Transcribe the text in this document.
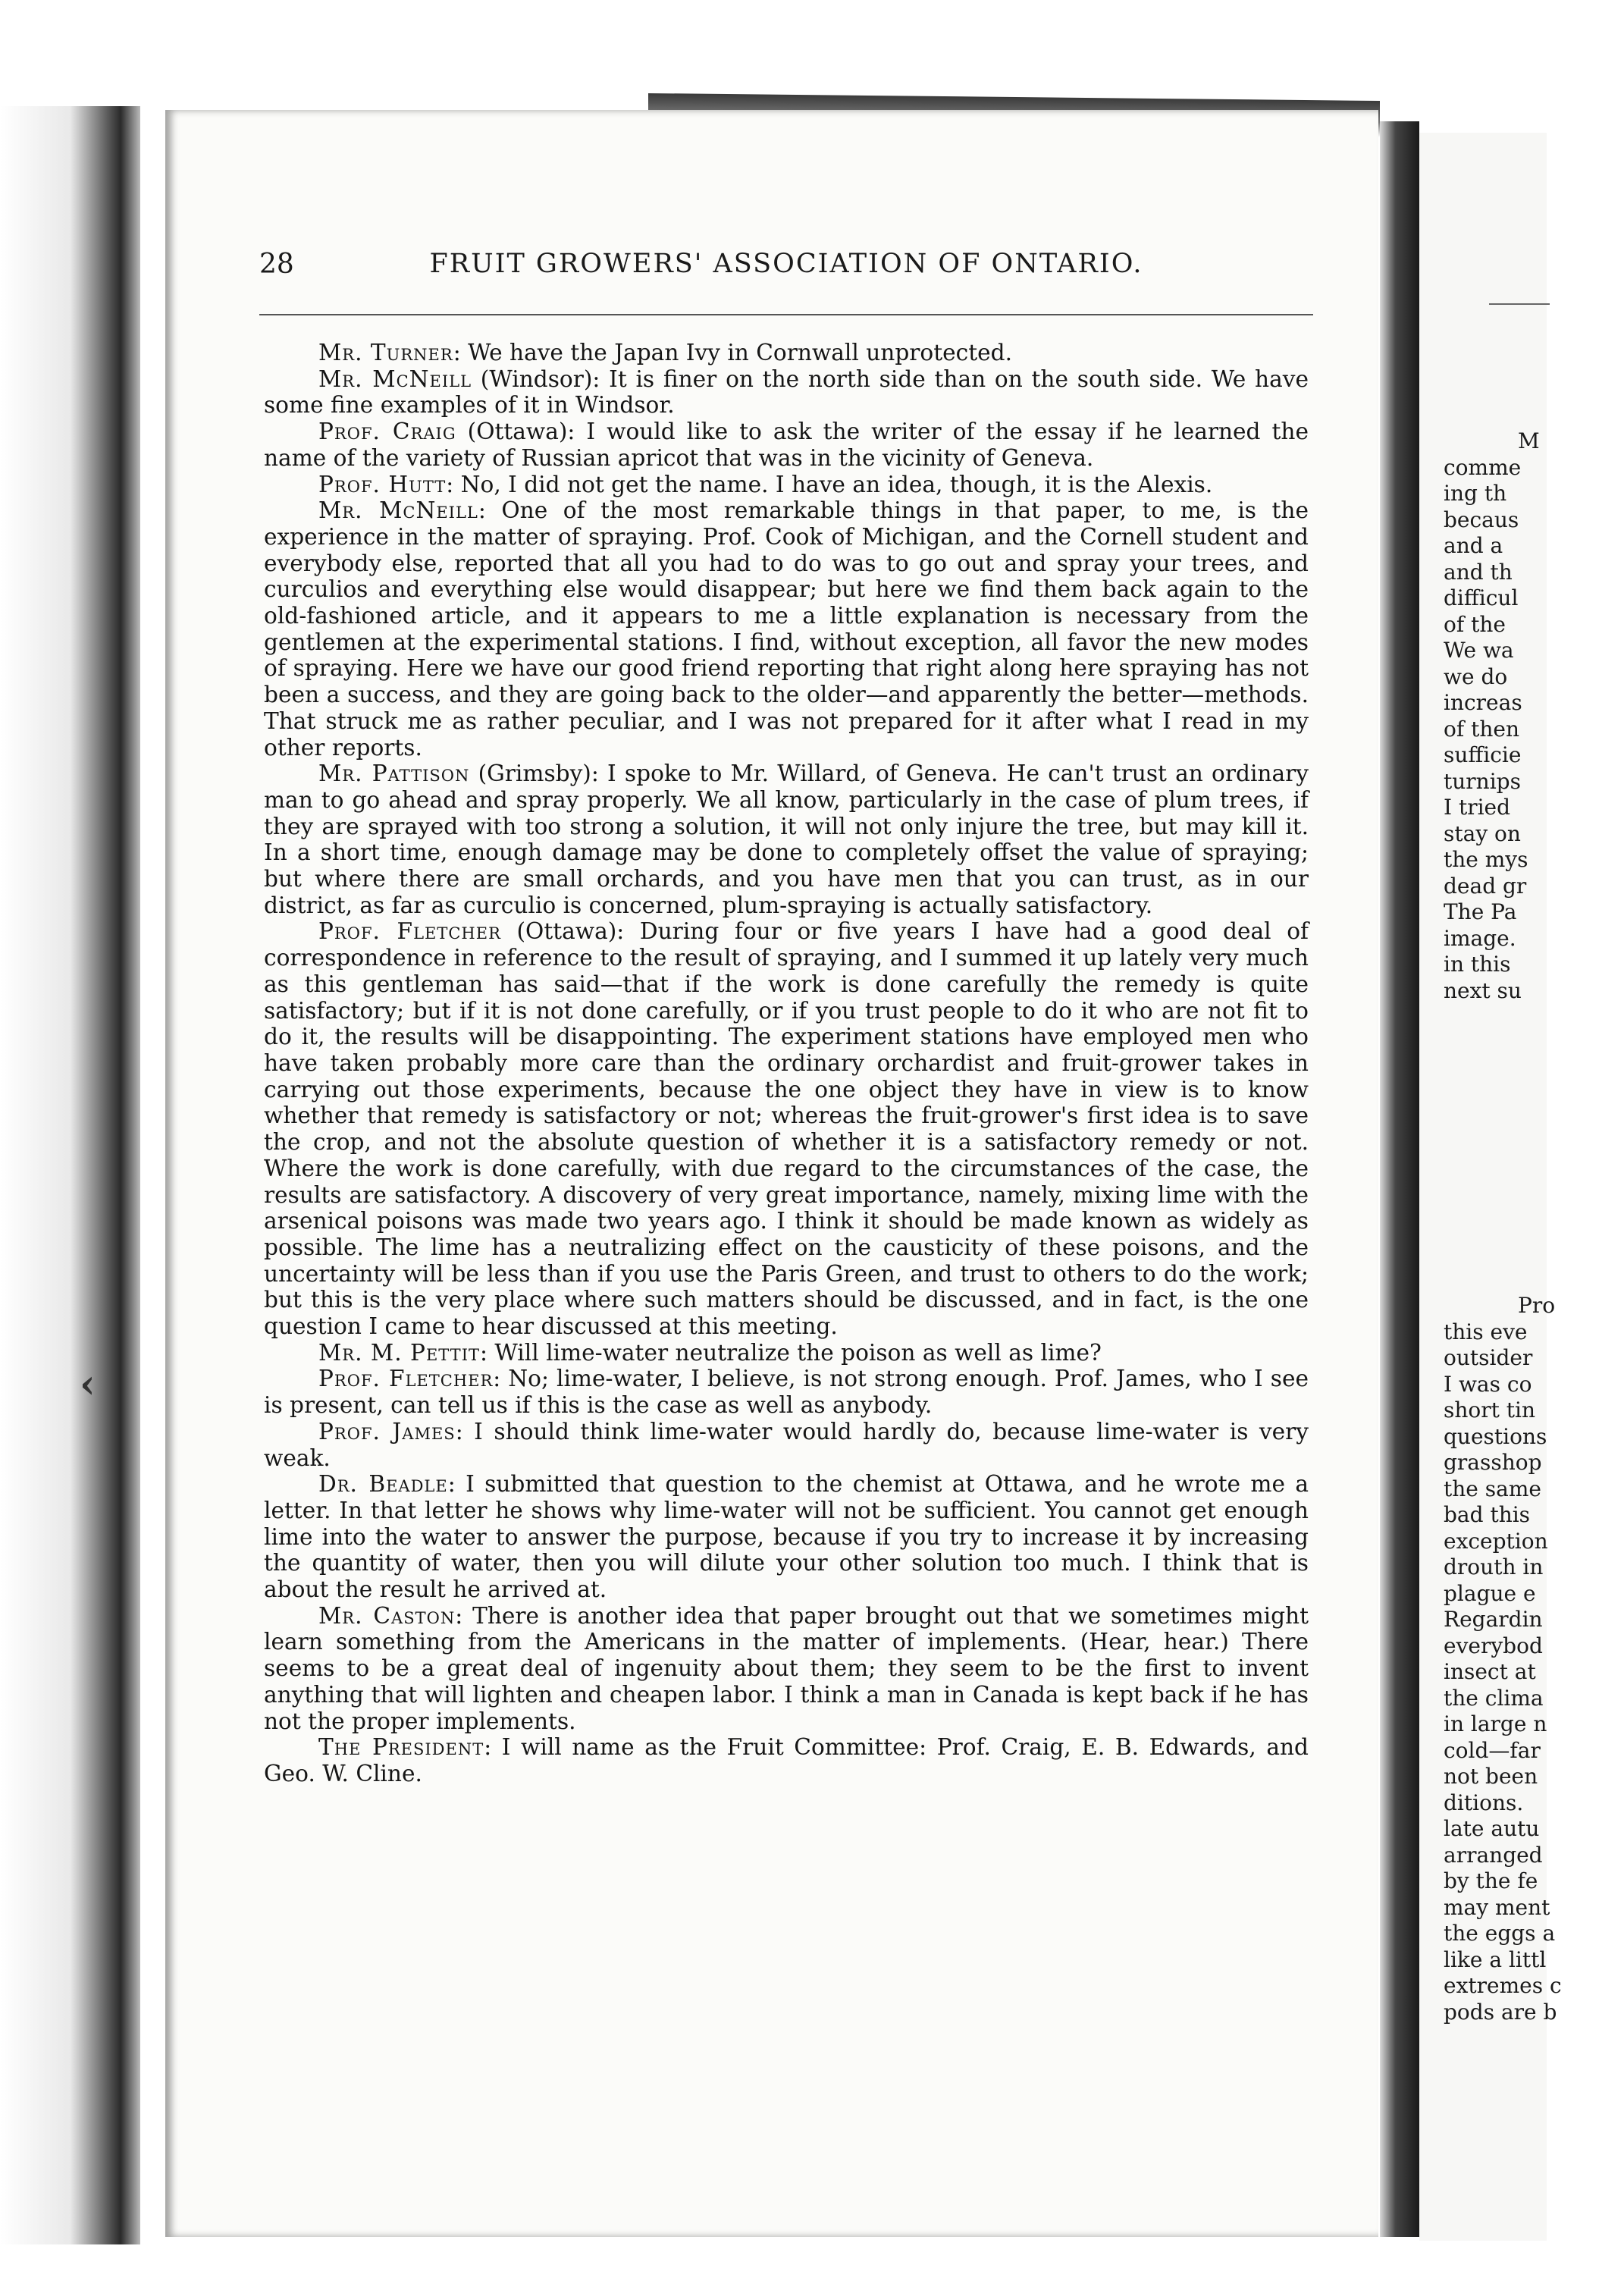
28	FRUIT GROWERS' ASSOCIATION OF ONTARIO.

Mr. Turner: We have the Japan Ivy in Cornwall unprotected.

Mr. McNeill (Windsor): It is finer on the north side than on the south side. We have some fine examples of it in Windsor.

Prof. Craig (Ottawa): I would like to ask the writer of the essay if he learned the name of the variety of Russian apricot that was in the vicinity of Geneva.

Prof. Hutt: No, I did not get the name. I have an idea, though, it is the Alexis.

Mr. McNeill: One of the most remarkable things in that paper, to me, is the experience in the matter of spraying. Prof. Cook of Michigan, and the Cornell student and everybody else, reported that all you had to do was to go out and spray your trees, and curculios and everything else would disappear; but here we find them back again to the old-fashioned article, and it appears to me a little explanation is necessary from the gentlemen at the experimental stations. I find, without exception, all favor the new modes of spraying. Here we have our good friend reporting that right along here spraying has not been a success, and they are going back to the older—and apparently the better—methods. That struck me as rather peculiar, and I was not prepared for it after what I read in my other reports.

Mr. Pattison (Grimsby): I spoke to Mr. Willard, of Geneva. He can't trust an ordinary man to go ahead and spray properly. We all know, particularly in the case of plum trees, if they are sprayed with too strong a solution, it will not only injure the tree, but may kill it. In a short time, enough damage may be done to completely offset the value of spraying; but where there are small orchards, and you have men that you can trust, as in our district, as far as curculio is concerned, plum-spraying is actually satisfactory.

Prof. Fletcher (Ottawa): During four or five years I have had a good deal of correspondence in reference to the result of spraying, and I summed it up lately very much as this gentleman has said—that if the work is done carefully the remedy is quite satisfactory; but if it is not done carefully, or if you trust people to do it who are not fit to do it, the results will be disappointing. The experiment stations have employed men who have taken probably more care than the ordinary orchardist and fruit-grower takes in carrying out those experiments, because the one object they have in view is to know whether that remedy is satisfactory or not; whereas the fruit-grower's first idea is to save the crop, and not the absolute question of whether it is a satisfactory remedy or not. Where the work is done carefully, with due regard to the circumstances of the case, the results are satisfactory. A discovery of very great importance, namely, mixing lime with the arsenical poisons was made two years ago. I think it should be made known as widely as possible. The lime has a neutralizing effect on the causticity of these poisons, and the uncertainty will be less than if you use the Paris Green, and trust to others to do the work; but this is the very place where such matters should be discussed, and in fact, is the one question I came to hear discussed at this meeting.

Mr. M. Pettit: Will lime-water neutralize the poison as well as lime?

Prof. Fletcher: No; lime-water, I believe, is not strong enough. Prof. James, who I see is present, can tell us if this is the case as well as anybody.

Prof. James: I should think lime-water would hardly do, because lime-water is very weak.

Dr. Beadle: I submitted that question to the chemist at Ottawa, and he wrote me a letter. In that letter he shows why lime-water will not be sufficient. You cannot get enough lime into the water to answer the purpose, because if you try to increase it by increasing the quantity of water, then you will dilute your other solution too much. I think that is about the result he arrived at.

Mr. Caston: There is another idea that paper brought out that we sometimes might learn something from the Americans in the matter of implements. (Hear, hear.) There seems to be a great deal of ingenuity about them; they seem to be the first to invent anything that will lighten and cheapen labor. I think a man in Canada is kept back if he has not the proper implements.

The President: I will name as the Fruit Committee: Prof. Craig, E. B. Edwards, and Geo. W. Cline.

‹
M
comme
ing th
becaus
and a
and th
difficul
of the
We wa
we do
increas
of then
sufficie
turnips
I tried
stay on
the mys
dead gr
The Pa
image.
in this
next su
Pro
this eve
outsider
I was co
short tin
questions
grasshop
the same
bad this
exception
drouth in
plague e
Regardin
everybod
insect at
the clima
in large n
cold—far
not been
ditions.
late autu
arranged
by the fe
may ment
the eggs a
like a littl
extremes c
pods are b
